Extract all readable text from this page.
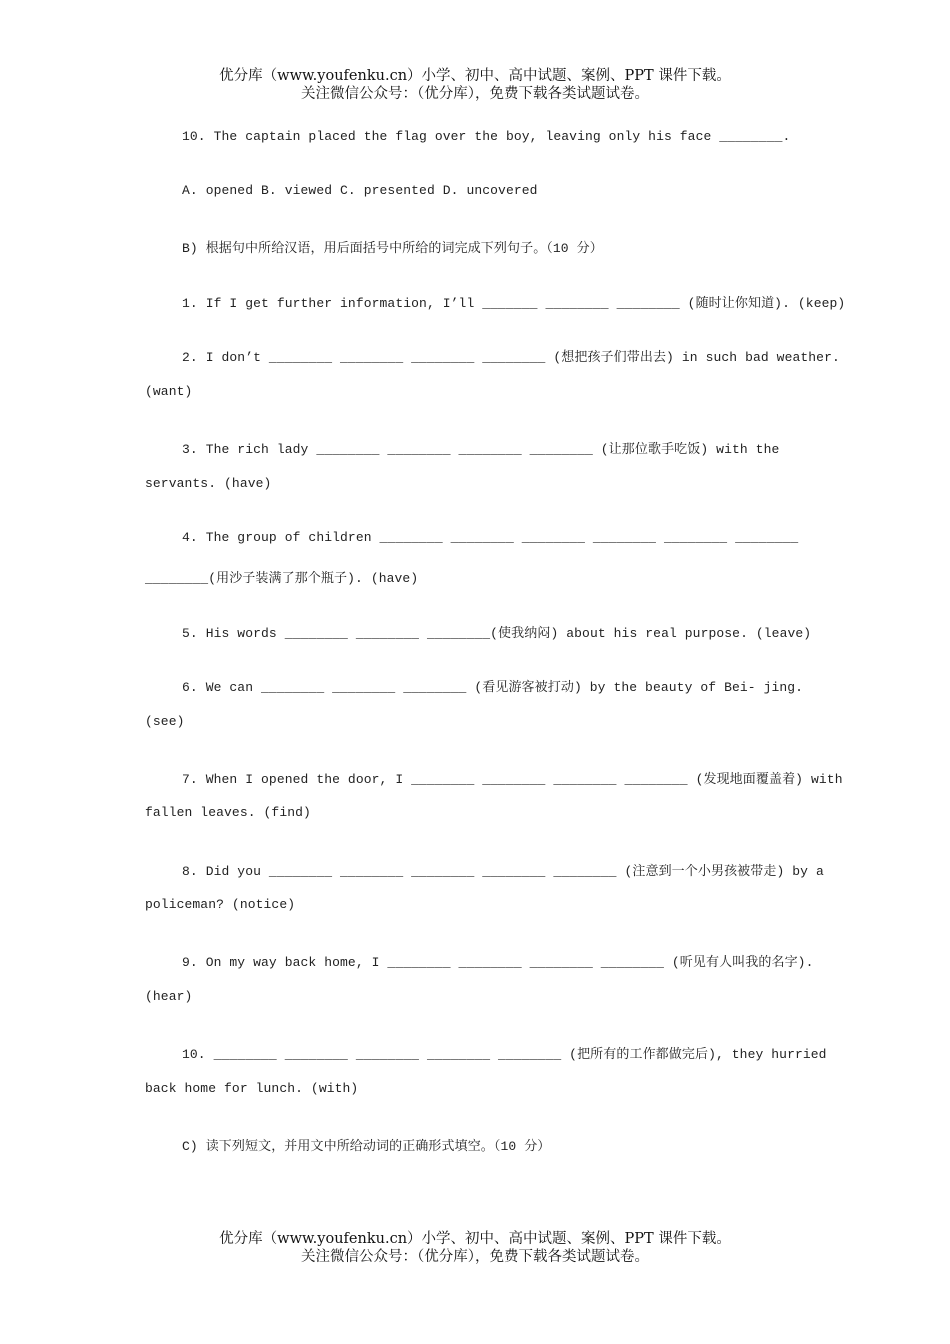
优分库（www.youfenku.cn）小学、初中、高中试题、案例、PPT 课件下载。
关注微信公众号：（优分库），免费下载各类试题试卷。
10. The captain placed the flag over the boy, leaving only his face ________.
A. opened B. viewed C. presented D. uncovered
B) 根据句中所给汉语，用后面括号中所给的词完成下列句子。（10 分）
1. If I get further information, I’ll _______ ________ ________ (随时让你知道). (keep)
2. I don’t ________ ________ ________ ________ (想把孩子们带出去) in such bad weather.
(want)
3. The rich lady ________ ________ ________ ________ (让那位歌手吃饭) with the
servants. (have)
4. The group of children ________ ________ ________ ________ ________ ________
________(用沙子装满了那个瓶子). (have)
5. His words ________ ________ ________(使我纳闷) about his real purpose. (leave)
6. We can ________ ________ ________ (看见游客被打动) by the beauty of Bei- jing.
(see)
7. When I opened the door, I ________ ________ ________ ________ (发现地面覆盖着) with
fallen leaves. (find)
8. Did you ________ ________ ________ ________ ________ (注意到一个小男孩被带走) by a
policeman? (notice)
9. On my way back home, I ________ ________ ________ ________ (听见有人叫我的名字).
(hear)
10. ________ ________ ________ ________ ________ (把所有的工作都做完后), they hurried
back home for lunch. (with)
C) 读下列短文，并用文中所给动词的正确形式填空。（10 分）
优分库（www.youfenku.cn）小学、初中、高中试题、案例、PPT 课件下载。
关注微信公众号：（优分库），免费下载各类试题试卷。
